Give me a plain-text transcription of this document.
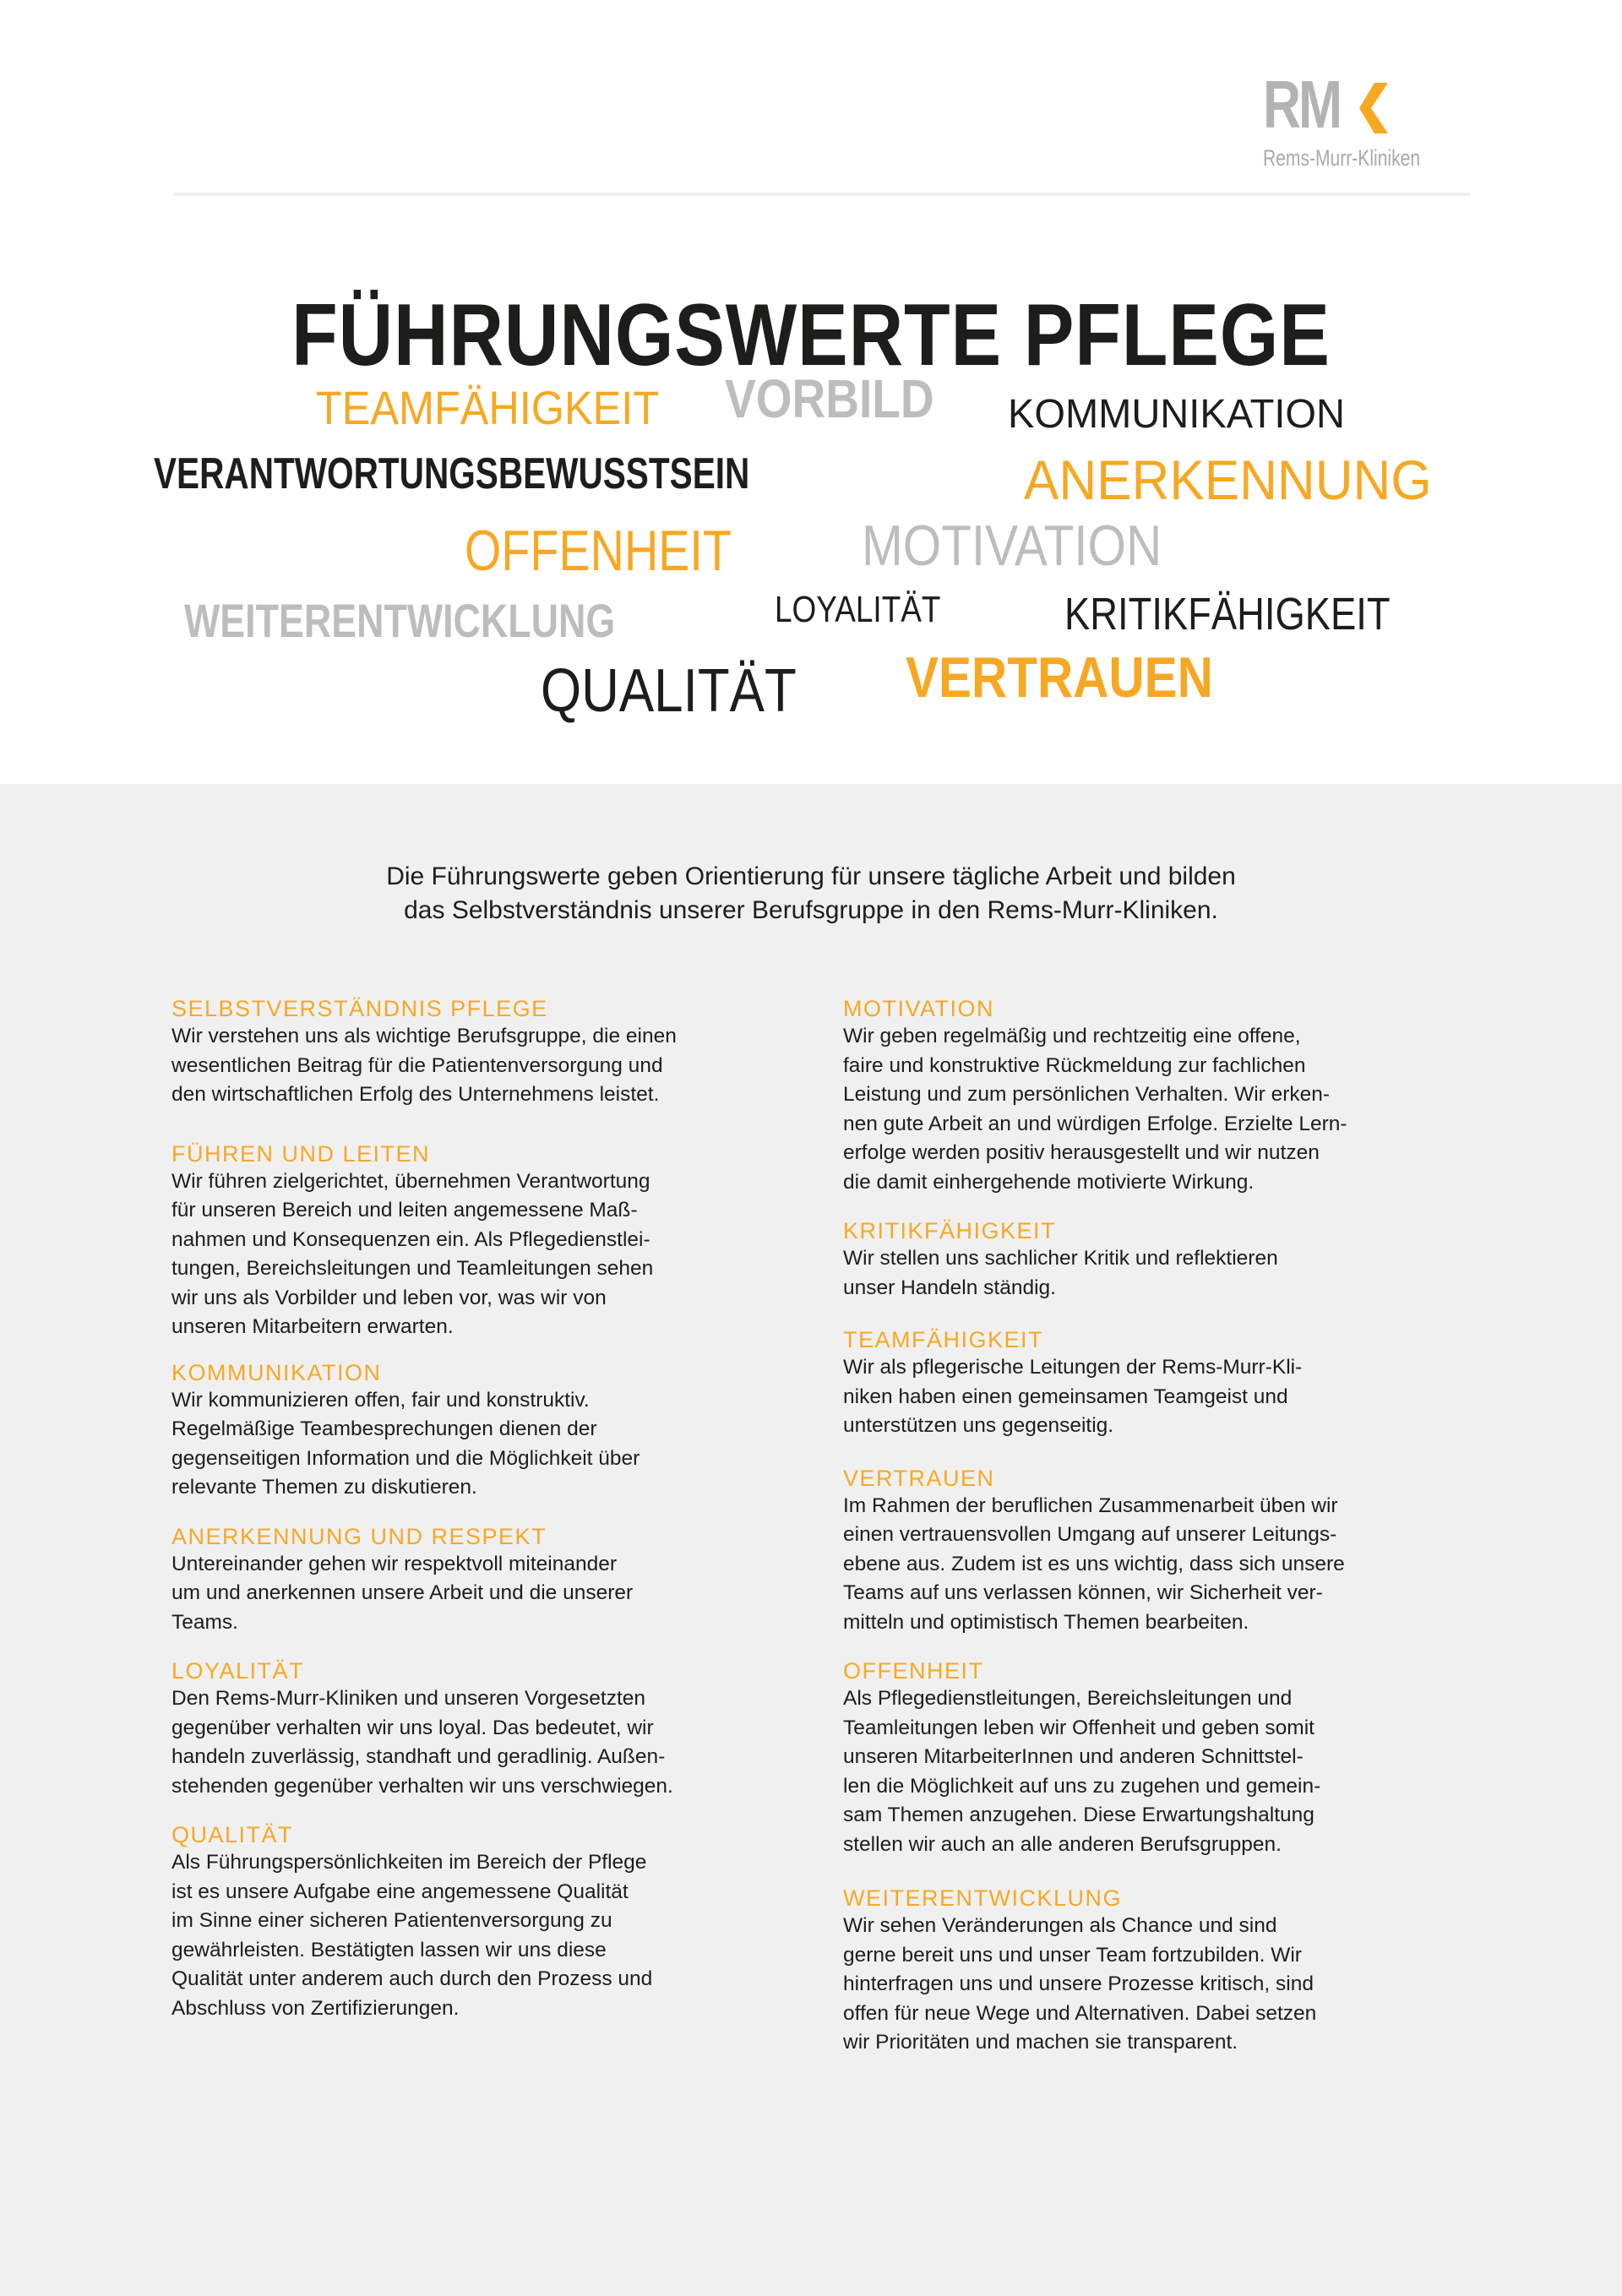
RM
Rems-Murr-Kliniken
FÜHRUNGSWERTE PFLEGE
TEAMFÄHIGKEIT VORBILD KOMMUNIKATION
VERANTWORTUNGSBEWUSSTSEIN	ANERKENNUNG
OFFENHEIT MOTIVATION
WEITERENTWICKLUNG	LOYALITÄT	KRITIKFÄHIGKEIT
QUALITÄT VERTRAUEN

Die Führungswerte geben Orientierung für unsere tägliche Arbeit und bilden

das Selbstverständnis unserer Berufsgruppe in den Rems-Murr-Kliniken.

SELBSTVERSTÄNDNIS PFLEGE

Wir verstehen uns als wichtige Berufsgruppe, die einen
wesentlichen Beitrag für die Patientenversorgung und
den wirtschaftlichen Erfolg des Unternehmens leistet.

FÜHREN UND LEITEN

Wir führen zielgerichtet, übernehmen Verantwortung
für unseren Bereich und leiten angemessene Maß-
nahmen und Konsequenzen ein. Als Pflegedienstlei-
tungen, Bereichsleitungen und Teamleitungen sehen
wir uns als Vorbilder und leben vor, was wir von
unseren Mitarbeitern erwarten.

KOMMUNIKATION

Wir kommunizieren offen, fair und konstruktiv.
Regelmäßige Teambesprechungen dienen der
gegenseitigen Information und die Möglichkeit über
relevante Themen zu diskutieren.

ANERKENNUNG UND RESPEKT

Untereinander gehen wir respektvoll miteinander
um und anerkennen unsere Arbeit und die unserer
Teams.

LOYALITÄT

Den Rems-Murr-Kliniken und unseren Vorgesetzten
gegenüber verhalten wir uns loyal. Das bedeutet, wir
handeln zuverlässig, standhaft und geradlinig. Außen-
stehenden gegenüber verhalten wir uns verschwiegen.

QUALITÄT

Als Führungspersönlichkeiten im Bereich der Pflege
ist es unsere Aufgabe eine angemessene Qualität
im Sinne einer sicheren Patientenversorgung zu
gewährleisten. Bestätigten lassen wir uns diese
Qualität unter anderem auch durch den Prozess und
Abschluss von Zertifizierungen.

MOTIVATION

Wir geben regelmäßig und rechtzeitig eine offene,
faire und konstruktive Rückmeldung zur fachlichen
Leistung und zum persönlichen Verhalten. Wir erken-
nen gute Arbeit an und würdigen Erfolge. Erzielte Lern-
erfolge werden positiv herausgestellt und wir nutzen
die damit einhergehende motivierte Wirkung.

KRITIKFÄHIGKEIT

Wir stellen uns sachlicher Kritik und reflektieren
unser Handeln ständig.

TEAMFÄHIGKEIT

Wir als pflegerische Leitungen der Rems-Murr-Kli-
niken haben einen gemeinsamen Teamgeist und
unterstützen uns gegenseitig.

VERTRAUEN

Im Rahmen der beruflichen Zusammenarbeit üben wir
einen vertrauensvollen Umgang auf unserer Leitungs-
ebene aus. Zudem ist es uns wichtig, dass sich unsere
Teams auf uns verlassen können, wir Sicherheit ver-
mitteln und optimistisch Themen bearbeiten.

OFFENHEIT

Als Pflegedienstleitungen, Bereichsleitungen und
Teamleitungen leben wir Offenheit und geben somit
unseren MitarbeiterInnen und anderen Schnittstel-
len die Möglichkeit auf uns zu zugehen und gemein-
sam Themen anzugehen. Diese Erwartungshaltung
stellen wir auch an alle anderen Berufsgruppen.

WEITERENTWICKLUNG

Wir sehen Veränderungen als Chance und sind
gerne bereit uns und unser Team fortzubilden. Wir
hinterfragen uns und unsere Prozesse kritisch, sind
offen für neue Wege und Alternativen. Dabei setzen
wir Prioritäten und machen sie transparent.
